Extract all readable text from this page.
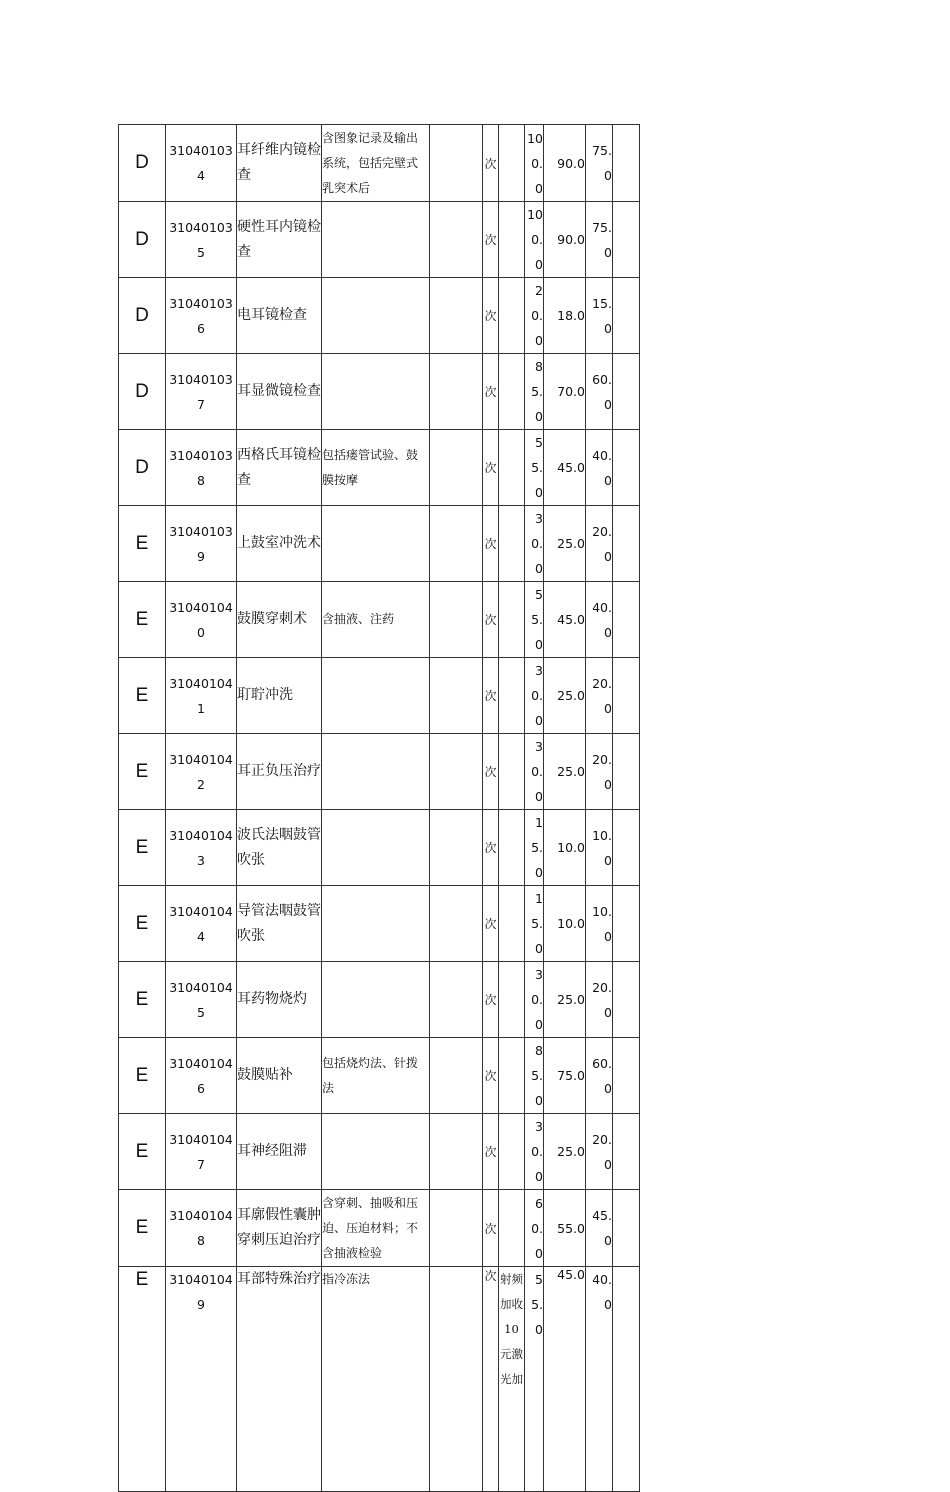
D	310401034	耳纤维内镜检查	含图象记录及输出系统，包括完壁式乳突术后		次		100.0	90.0	75.0	
D	310401035	硬性耳内镜检查			次		100.0	90.0	75.0	
D	310401036	电耳镜检查			次		20.0	18.0	15.0	
D	310401037	耳显微镜检查			次		85.0	70.0	60.0	
D	310401038	西格氏耳镜检查	包括瘘管试验、鼓膜按摩		次		55.0	45.0	40.0	
E	310401039	上鼓室冲洗术			次		30.0	25.0	20.0	
E	310401040	鼓膜穿刺术	含抽液、注药		次		55.0	45.0	40.0	
E	310401041	耵聍冲洗			次		30.0	25.0	20.0	
E	310401042	耳正负压治疗			次		30.0	25.0	20.0	
E	310401043	波氏法咽鼓管吹张			次		15.0	10.0	10.0	
E	310401044	导管法咽鼓管吹张			次		15.0	10.0	10.0	
E	310401045	耳药物烧灼			次		30.0	25.0	20.0	
E	310401046	鼓膜贴补	包括烧灼法、针拨法		次		85.0	75.0	60.0	
E	310401047	耳神经阻滞			次		30.0	25.0	20.0	
E	310401048	耳廓假性囊肿穿刺压迫治疗	含穿刺、抽吸和压迫、压迫材料；不含抽液检验		次		60.0	55.0	45.0	
E	310401049	耳部特殊治疗	指冷冻法		次	射频加收10元激光加	55.0	45.0	40.0	
